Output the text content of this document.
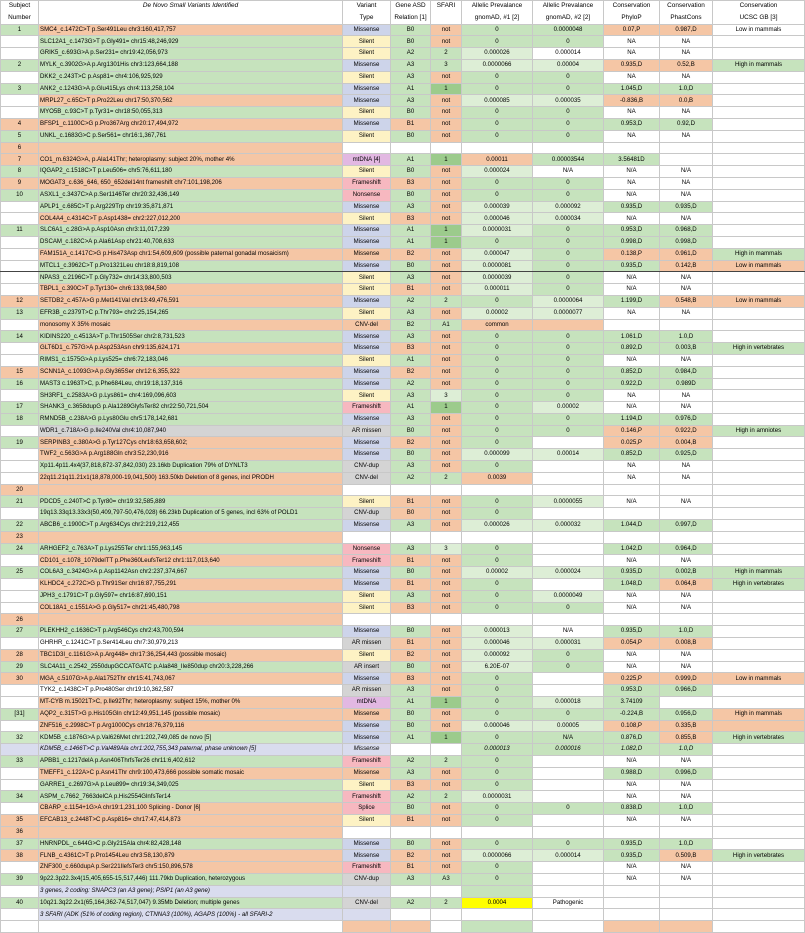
Subject	De Novo Small Variants Identified	Variant	Gene ASD	SFARI	Allelic Prevalance	Allelic Prevalance	Conservation	Conservation	Conservation
Number		Type	Relation [1]		gnomAD, #1 [2]	gnomAD, #2 [2]	PhyloP	PhastCons	UCSC GB [3]
1	SMC4_c.1472C>T p.Ser491Leu chr3:160,417,757	Missense	B0	not	0	0.0000048	0.07,P	0.987,D	Low in mammals
	SLC12A1_c.1473G>T p.Gly491= chr15:48,246,929	Silent	B0	not	0	0	NA	NA	
	GRIK5_c.693G>A p.Ser231= chr19:42,056,973	Silent	A2	2	0.000026	0.000014	NA	NA	
2	MYLK_c.3902G>A p.Arg1301His chr3:123,664,188	Missense	A3	3	0.0000066	0.00004	0.935,D	0.52,B	High in mammals
	DKK2_c.243T>C p.Asp81= chr4:106,925,929	Silent	A3	not	0	0	NA	NA	
3	ANK2_c.1243G>A p.Glu415Lys chr4:113,258,104	Missense	A1	1	0	0	1.045,D	1.0,D	
	MRPL27_c.65C>T p.Pro22Leu chr17:50,370,562	Missense	A3	not	0.000085	0.000035	-0.836,B	0.0,B	
	MYO5B_c.93C>T p.Tyr31= chr18:50,055,313	Silent	B0	not	0	0	NA	NA	
4	BFSP1_c.1100C>G p.Pro367Arg chr20:17,494,972	Missense	B1	not	0	0	0.953,D	0.92,D	
5	UNKL_c.1683G>C p.Ser561= chr16:1,367,761	Silent	B0	not	0	0	NA	NA	
6									
7	CO1_m.6324G>A, p.Ala141Thr; heteroplasmy: subject 20%, mother 4%	mtDNA [4]	A1	1	0.00011	0.00003544	3.56481D		
8	IQGAP2_c.1518C>T p.Leu506= chr5:76,611,180	Silent	B0	not	0.000024	N/A	N/A	N/A	
9	MOGAT3_c.636_646, 650_652del14nt frameshift chr7:101,198,206	Frameshift	B3	not	0	0	NA	NA	
10	ASXL1_c.3437C>A p.Ser1146Ter chr20:32,436,149	Nonsense	B0	not	0	0	N/A	N/A	
	APLP1_c.685C>T p.Arg229Trp chr19:35,871,871	Missense	A3	not	0.000039	0.000092	0.935,D	0.935,D	
	COL4A4_c.4314C>T p.Asp1438= chr2:227,012,200	Silent	B3	not	0.000046	0.000034	N/A	N/A	
11	SLC6A1_c.28G>A p.Asp10Asn chr3:11,017,239	Missense	A1	1	0.0000031	0	0.953,D	0.968,D	
	DSCAM_c.182C>A p.Ala61Asp chr21:40,708,633	Missense	A1	1	0	0	0.998,D	0.998,D	
	FAM151A_c.1417C>G p.His473Asp chr1:54,609,609 (possible paternal gonadal mosaicism)	Missense	B2	not	0.000047	0	0.138,P	0.961,D	High in mammals
	MTCL1_c.3962C>T p.Pro1321Leu chr18:8,819,108	Missense	B0	not	0.0000081	0	0.935,D	0.142,B	Low in mammals
	NPAS3_c.2196C>T p.Gly732= chr14:33,800,503	Silent	A3	not	0.0000039	0	N/A	N/A	
	TBPL1_c.390C>T p.Tyr130= chr6:133,984,580	Silent	B1	not	0.000011	0	N/A	N/A	
12	SETDB2_c.457A>G p.Met141Val chr13:49,476,591	Missense	A2	2	0	0.0000064	1.199,D	0.548,B	Low in mammals
13	EFR3B_c.2379T>C p.Thr793= chr2:25,154,265	Silent	A3	not	0.00002	0.0000077	NA	NA	
	monosomy X 35% mosaic	CNV-del	B2	A1	common				
14	KIDINS220_c.4513A>T p.Thr1505Ser chr2:8,731,523	Missense	A3	not	0	0	1.061,D	1.0,D	
	GLT6D1_c.757G>A p.Asp253Asn chr9:135,624,171	Missense	B3	not	0	0	0.892,D	0.003,B	High in vertebrates
	RIMS1_c.1575G>A p.Lys525= chr6:72,183,046	Silent	A1	not	0	0	N/A	N/A	
15	SCNN1A_c.1093G>A p.Gly365Ser chr12:6,355,322	Missense	B2	not	0	0	0.852,D	0.984,D	
16	MAST3 c.1963T>C, p.Phe684Leu, chr19:18,137,316	Missense	A2	not	0	0	0.922,D	0.989D	
	SH3RF1_c.2583A>G p.Lys861= chr4:169,096,603	Silent	A3	3	0	0	NA	NA	
17	SHANK3_c.3658dupG p.Ala1289GlyfsTer82 chr22:50,721,504	Frameshift	A1	1	0	0.00002	N/A	N/A	
18	RMND5B_c.238A>G p.Lys80Glu chr5:178,142,681	Missense	A3	not	0	0	1.194,D	0.976,D	
	WDR1_c.718A>G p.Ile240Val chr4:10,087,940	AR missen	B0	not	0	0	0.146,P	0.922,D	High in amniotes
19	SERPINB3_c.380A>G p.Tyr127Cys chr18:63,658,602;	Missense	B2	not	0		0.025,P	0.004,B	
	TWF2_c.563G>A p.Arg188Gln chr3:52,230,916	Missense	B0	not	0.000099	0.00014	0.852,D	0.925,D	
	Xp11.4p11.4x4(37,818,872-37,842,030) 23.16kb Duplication 79% of DYNLT3	CNV-dup	A3	not	0		NA	NA	
	22q11.21q11.21x1(18,878,000-19,041,500) 163.50kb Deletion of 8 genes, incl PRODH	CNV-del	A2	2	0.0039		NA	NA	
20									
21	PDCD5_c.240T>C p.Tyr80= chr19:32,585,889	Silent	B1	not	0	0.0000055	N/A	N/A	
	19q13.33q13.33x3(50,409,797-50,476,028) 66.23kb Duplication of 5 genes, incl 63% of POLD1	CNV-dup	B0	not	0				
22	ABCB6_c.1900C>T p.Arg634Cys chr2:219,212,455	Missense	A3	not	0.000026	0.000032	1.044,D	0.997,D	
23									
24	ARHGEF2_c.763A>T p.Lys255Ter chr1:155,963,145	Nonsense	A3	3	0		1.042,D	0.964,D	
	CD101_c.1078_1079delTT p.Phe360LeufsTer12 chr1:117,013,640	Frameshift	B1	not	0		N/A	N/A	
25	COL6A3_c.3424G>A p.Asp1142Asn chr2:237,374,667	Missense	B0	not	0.00002	0.000024	0.935,D	0.002,B	High in mammals
	KLHDC4_c.272C>G p.Thr91Ser chr16:87,755,291	Missense	B1	not	0		1.048,D	0.064,B	High in vertebrates
	JPH3_c.1791C>T p.Gly597= chr16:87,690,151	Silent	A3	not	0	0.0000049	N/A	N/A	
	COL18A1_c.1551A>G p.Gly517= chr21:45,480,798	Silent	B3	not	0	0	N/A	N/A	
26									
27	PLEKHH2_c.1636C>T p.Arg546Cys chr2:43,700,594	Missense	B0	not	0.000013	N/A	0.935,D	1.0,D	
	GHRHR_c.1241C>T p.Ser414Leu chr7:30,979,213	AR missen	B1	not	0.000046	0.000031	0.054,P	0.008,B	
28	TBC1D3I_c.1161G>A p.Arg448= chr17:36,254,443 (possible mosaic)	Silent	B2	not	0.000092	0	N/A	N/A	
29	SLC4A11_c.2542_2550dupGCCATGATC p.Ala848_Ile850dup chr20:3,228,266	AR insert	B0	not	6.20E-07	0	N/A	N/A	
30	MGA_c.5107G>A p.Ala1752Thr chr15:41,743,067	Missense	B3	not	0		0.225,P	0.999,D	Low in mammals
	TYK2_c.1438C>T p.Pro480Ser chr19:10,362,587	AR missen	A3	not	0		0.953,D	0.966,D	
	MT-CYB m.15021T>C, p.Ile92Thr; heteroplasmy: subject 15%, mother 0%	mtDNA	A1	1	0	0.000018	3.74109		
[31]	AQP2_c.315T>G p.His105Gln chr12:49,951,145 (possible mosaic)	Missense	B0	not	0	0	-0.224,B	0.956,D	High in mammals
	ZNF516_c.2998C>T p.Arg1000Cys chr18:76,379,116	Missense	B0	not	0.000046	0.00005	0.108,P	0.335,B	
32	KDM5B_c.1876G>A p.Val626Met chr1:202,749,085 de novo [5]	Missense	A1	1	0	N/A	0.876,D	0.855,B	High in vertebrates
	KDM5B_c.1466T>C p.Val489Ala chr1:202,755,343 paternal, phase unknown [5]	Missense			0.000013	0.000016	1.082,D	1.0,D	
33	APBB1_c.1217delA p.Asn406ThrfsTer26 chr11:6,402,612	Frameshift	A2	2	0		N/A	N/A	
	TMEFF1_c.122A>C p.Asn41Thr chr9:100,473,666 possible somatic mosaic	Missense	A3	not	0		0.988,D	0.996,D	
	GARRE1_c.2697G>A p.Leu899= chr19:34,349,025	Silent	B3	not	0		N/A	N/A	
34	ASPM_c.7662_7663delCA p.His2554GlnfsTer14	Frameshift	A2	2	0.0000031		N/A	N/A	
	CBARP_c.1154+1G>A chr19:1,231,100 Splicing - Donor [6]	Splice	B0	not	0	0	0.838,D	1.0,D	
35	EFCAB13_c.2448T>C p.Asp816= chr17:47,414,873	Silent	B1	not	0		N/A	N/A	
36									
37	HNRNPDL_c.644G>C p.Gly215Ala chr4:82,428,148	Missense	B0	not	0	0	0.935,D	1.0,D	
38	FLNB_c.4361C>T p.Pro1454Leu chr3:58,130,879	Missense	B2	not	0.0000066	0.000014	0.935,D	0.509,B	High in vertebrates
	ZNF300_c.660dupA p.Ser221IlefsTer3 chr5:150,896,578	Frameshift	B1	not	0		N/A	N/A	
39	9p22.3p22.3x4(15,405,655-15,517,446) 111.79kb Duplication, heterozygous	CNV-dup	A3	A3	0		N/A	N/A	
	3 genes, 2 coding: SNAPC3 (an A3 gene); PSIP1 (an A3 gene)								
40	10q21.3q22.2x1(65,164,362-74,517,047) 9.35Mb Deletion; multiple genes	CNV-del	A2	2	0.0004	Pathogenic			
	3 SFARI (ADK (51% of coding region), CTNNA3 (100%), AGAPS (100%) - all SFARI-2								
